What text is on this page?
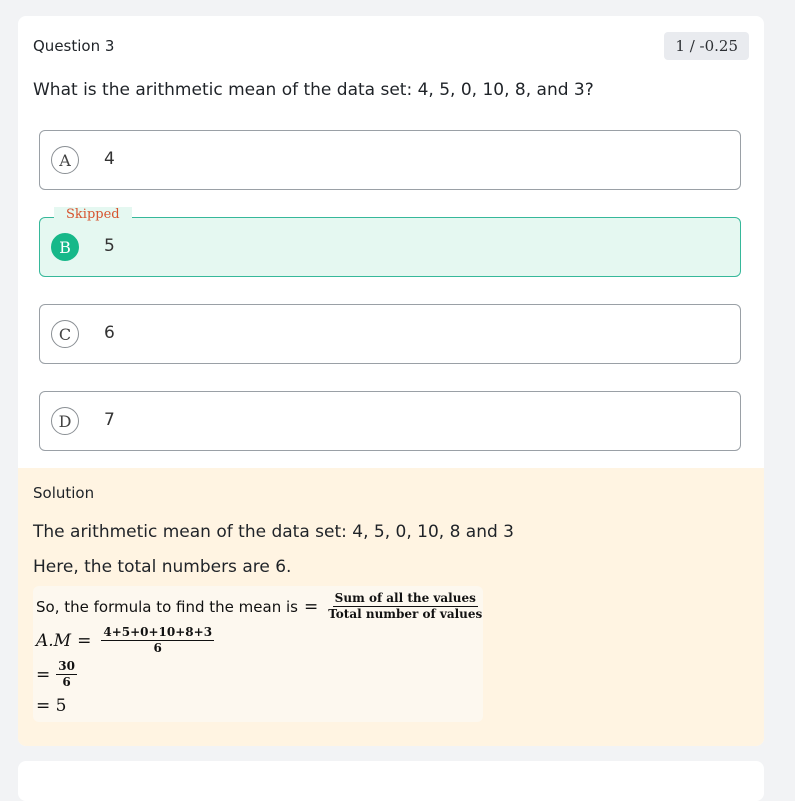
Question 3	1 / -0.25
What is the arithmetic mean of the data set: 4, 5, 0, 10, 8, and 3?
A	4
Skipped
B	5
C	6
D	7
Solution
The arithmetic mean of the data set: 4, 5, 0, 10, 8 and 3
Here, the total numbers are 6.
So, the formula to find the mean is = $\frac{\text{Sum of all the values}}{\text{Total number of values}}$
$A.M = \frac{4+5+0+10+8+3}{6}$
= $\frac{30}{6}$
= 5
